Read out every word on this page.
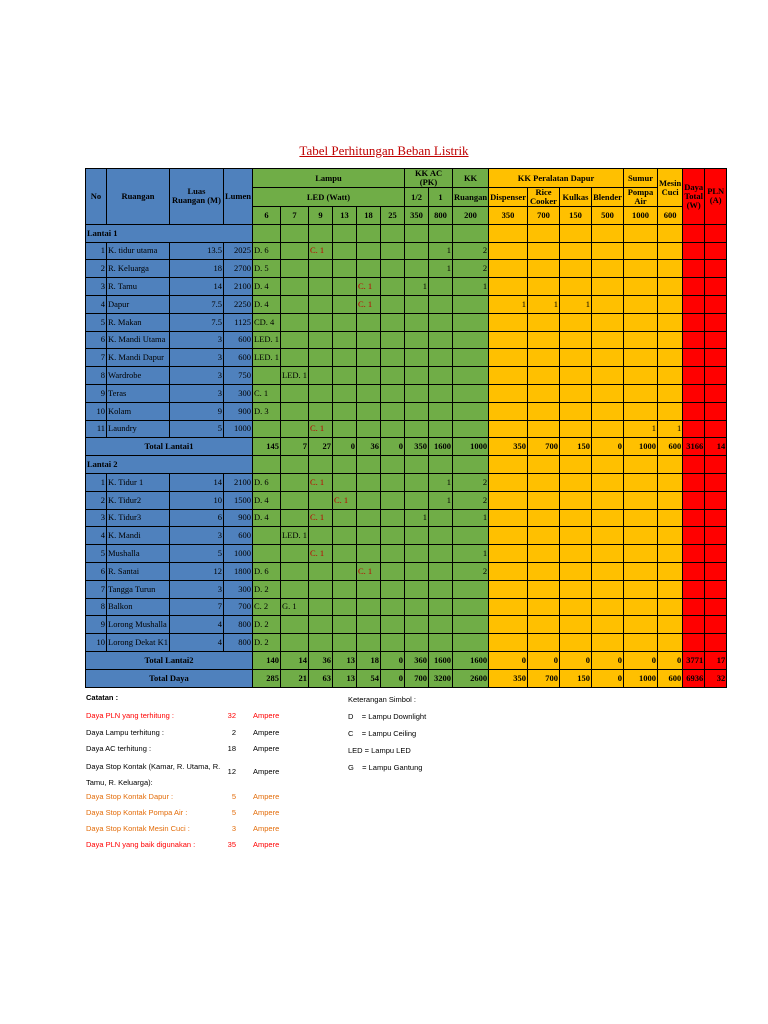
Tabel Perhitungan Beban Listrik
No	Ruangan	Luas Ruangan (M)	Lumen	Lampu						KK AC (PK)		KK	KK Peralatan Dapur				Sumur	Mesin Cuci	Daya Total (W)	PLN (A)
				LED (Watt)						1/2	1	Ruangan	Dispenser	Rice Cooker	Kulkas	Blender	Pompa Air			
				6	7	9	13	18	25	350	800	200	350	700	150	500	1000	600		
Lantai 1																				
1	K. tidur utama	13.5	2025	D. 6		C. 1					1	2								
2	R. Keluarga	18	2700	D. 5							1	2								
3	R. Tamu	14	2100	D. 4				C. 1		1		1								
4	Dapur	7.5	2250	D. 4				C. 1					1	1	1					
5	R. Makan	7.5	1125	CD. 4																
6	K. Mandi Utama	3	600	LED. 1																
7	K. Mandi Dapur	3	600	LED. 1																
8	Wardrobe	3	750		LED. 1															
9	Teras	3	300	C. 1																
10	Kolam	9	900	D. 3																
11	Laundry	5	1000			C. 1											1	1		
Total Lantai1				145	7	27	0	36	0	350	1600	1000	350	700	150	0	1000	600	3166	14
Lantai 2																				
1	K. Tidur 1	14	2100	D. 6		C. 1					1	2								
2	K. Tidur2	10	1500	D. 4			C. 1				1	2								
3	K. Tidur3	6	900	D. 4		C. 1				1		1								
4	K. Mandi	3	600		LED. 1															
5	Mushalla	5	1000			C. 1						1								
6	R. Santai	12	1800	D. 6				C. 1				2								
7	Tangga Turun	3	300	D. 2																
8	Balkon	7	700	C. 2	G. 1															
9	Lorong Mushalla	4	800	D. 2																
10	Lorong Dekat K1	4	800	D. 2																
Total Lantai2				140	14	36	13	18	0	360	1600	1600	0	0	0	0	0	0	3771	17
Total Daya				285	21	63	13	54	0	700	3200	2600	350	700	150	0	1000	600	6936	32
Catatan :
Daya PLN yang terhitung :	32 Ampere
Daya Lampu terhitung :	2 Ampere
Daya AC terhitung :	18 Ampere
Daya Stop Kontak (Kamar, R. Utama, R. Tamu, R. Keluarga):
12 Ampere
Daya Stop Kontak Dapur :	5 Ampere
Daya Stop Kontak Pompa Air :	5 Ampere
Daya Stop Kontak Mesin Cuci :	3 Ampere
Daya PLN yang baik digunakan :	35 Ampere
Keterangan Simbol :
D    = Lampu Downlight
C    = Lampu Ceiling
LED = Lampu LED
G    = Lampu Gantung
